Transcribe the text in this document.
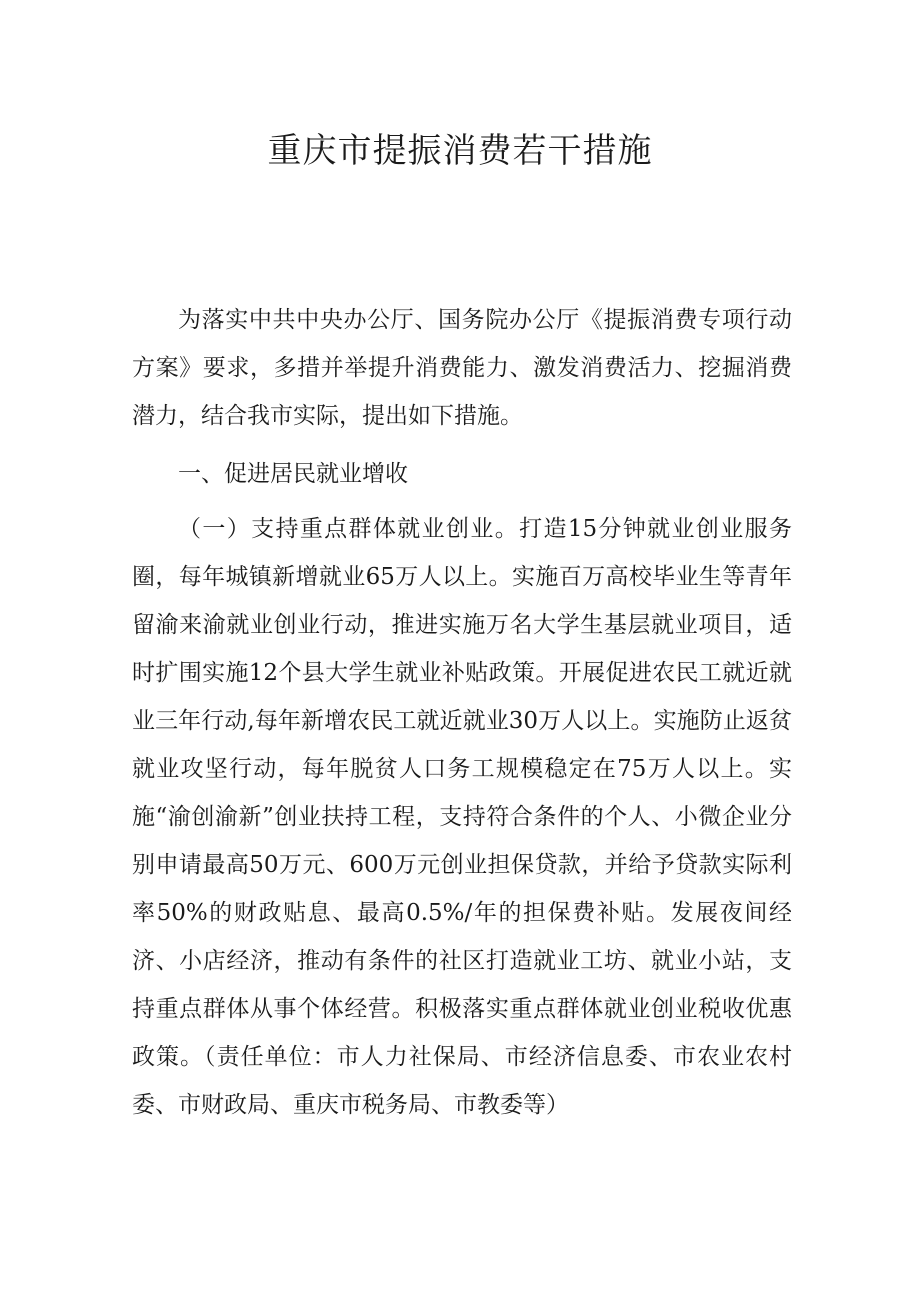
重庆市提振消费若干措施

为落实中共中央办公厅、国务院办公厅《提振消费专项行动方案》要求，多措并举提升消费能力、激发消费活力、挖掘消费潜力，结合我市实际，提出如下措施。

一、促进居民就业增收

（一）支持重点群体就业创业。打造15分钟就业创业服务圈，每年城镇新增就业65万人以上。实施百万高校毕业生等青年留渝来渝就业创业行动，推进实施万名大学生基层就业项目，适时扩围实施12个县大学生就业补贴政策。开展促进农民工就近就业三年行动,每年新增农民工就近就业30万人以上。实施防止返贫就业攻坚行动，每年脱贫人口务工规模稳定在75万人以上。实施“渝创渝新”创业扶持工程，支持符合条件的个人、小微企业分别申请最高50万元、600万元创业担保贷款，并给予贷款实际利率50%的财政贴息、最高0.5%/年的担保费补贴。发展夜间经济、小店经济，推动有条件的社区打造就业工坊、就业小站，支持重点群体从事个体经营。积极落实重点群体就业创业税收优惠政策。（责任单位：市人力社保局、市经济信息委、市农业农村委、市财政局、重庆市税务局、市教委等）
